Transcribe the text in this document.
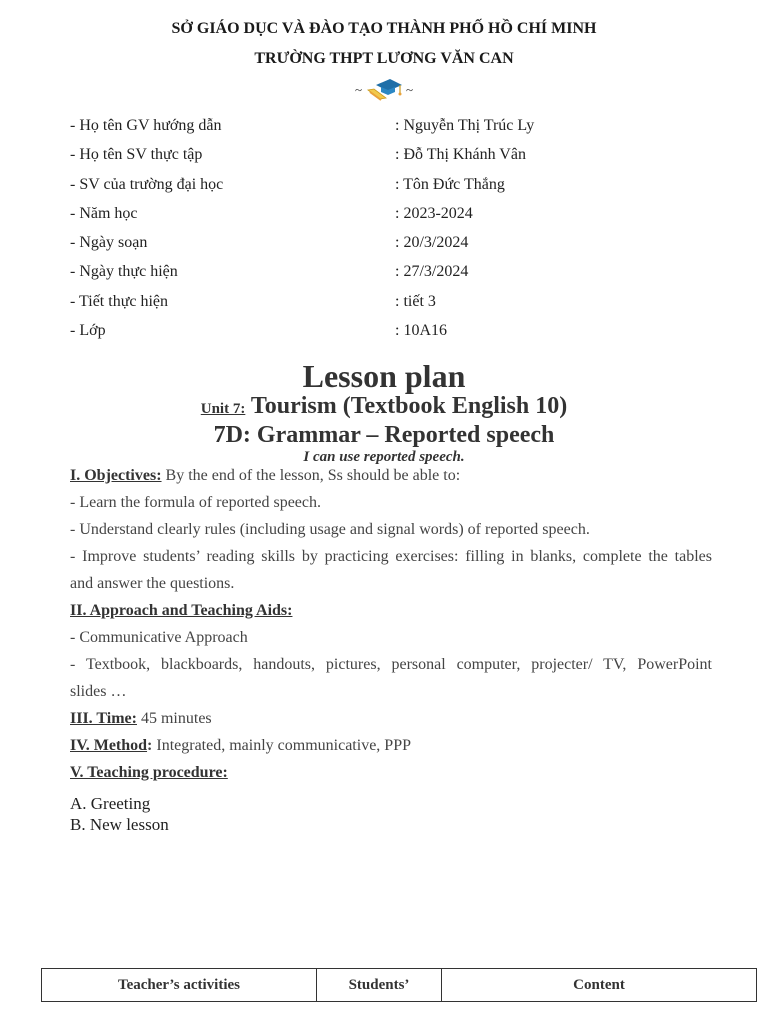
SỞ GIÁO DỤC VÀ ĐÀO TẠO THÀNH PHỐ HỒ CHÍ MINH
TRƯỜNG THPT LƯƠNG VĂN CAN
~	~
- Họ tên GV hướng dẫn	: Nguyễn Thị Trúc Ly
- Họ tên SV thực tập	: Đỗ Thị Khánh Vân
- SV của trường đại học	: Tôn Đức Thắng
- Năm học	: 2023-2024
- Ngày soạn	: 20/3/2024
- Ngày thực hiện	: 27/3/2024
- Tiết thực hiện	: tiết 3
- Lớp	: 10A16
Lesson plan
Unit 7: Tourism (Textbook English 10)
7D: Grammar – Reported speech
I can use reported speech.

I. Objectives: By the end of the lesson, Ss should be able to:

- Learn the formula of reported speech.

- Understand clearly rules (including usage and signal words) of reported speech.

- Improve students’ reading skills by practicing exercises: filling in blanks, complete the tables

and answer the questions.

II. Approach and Teaching Aids:

- Communicative Approach

- Textbook, blackboards, handouts, pictures, personal computer, projecter/ TV, PowerPoint

slides …

III. Time: 45 minutes

IV. Method: Integrated, mainly communicative, PPP

V. Teaching procedure:

A. Greeting
B. New lesson
Teacher’s activities	Students’	Content
